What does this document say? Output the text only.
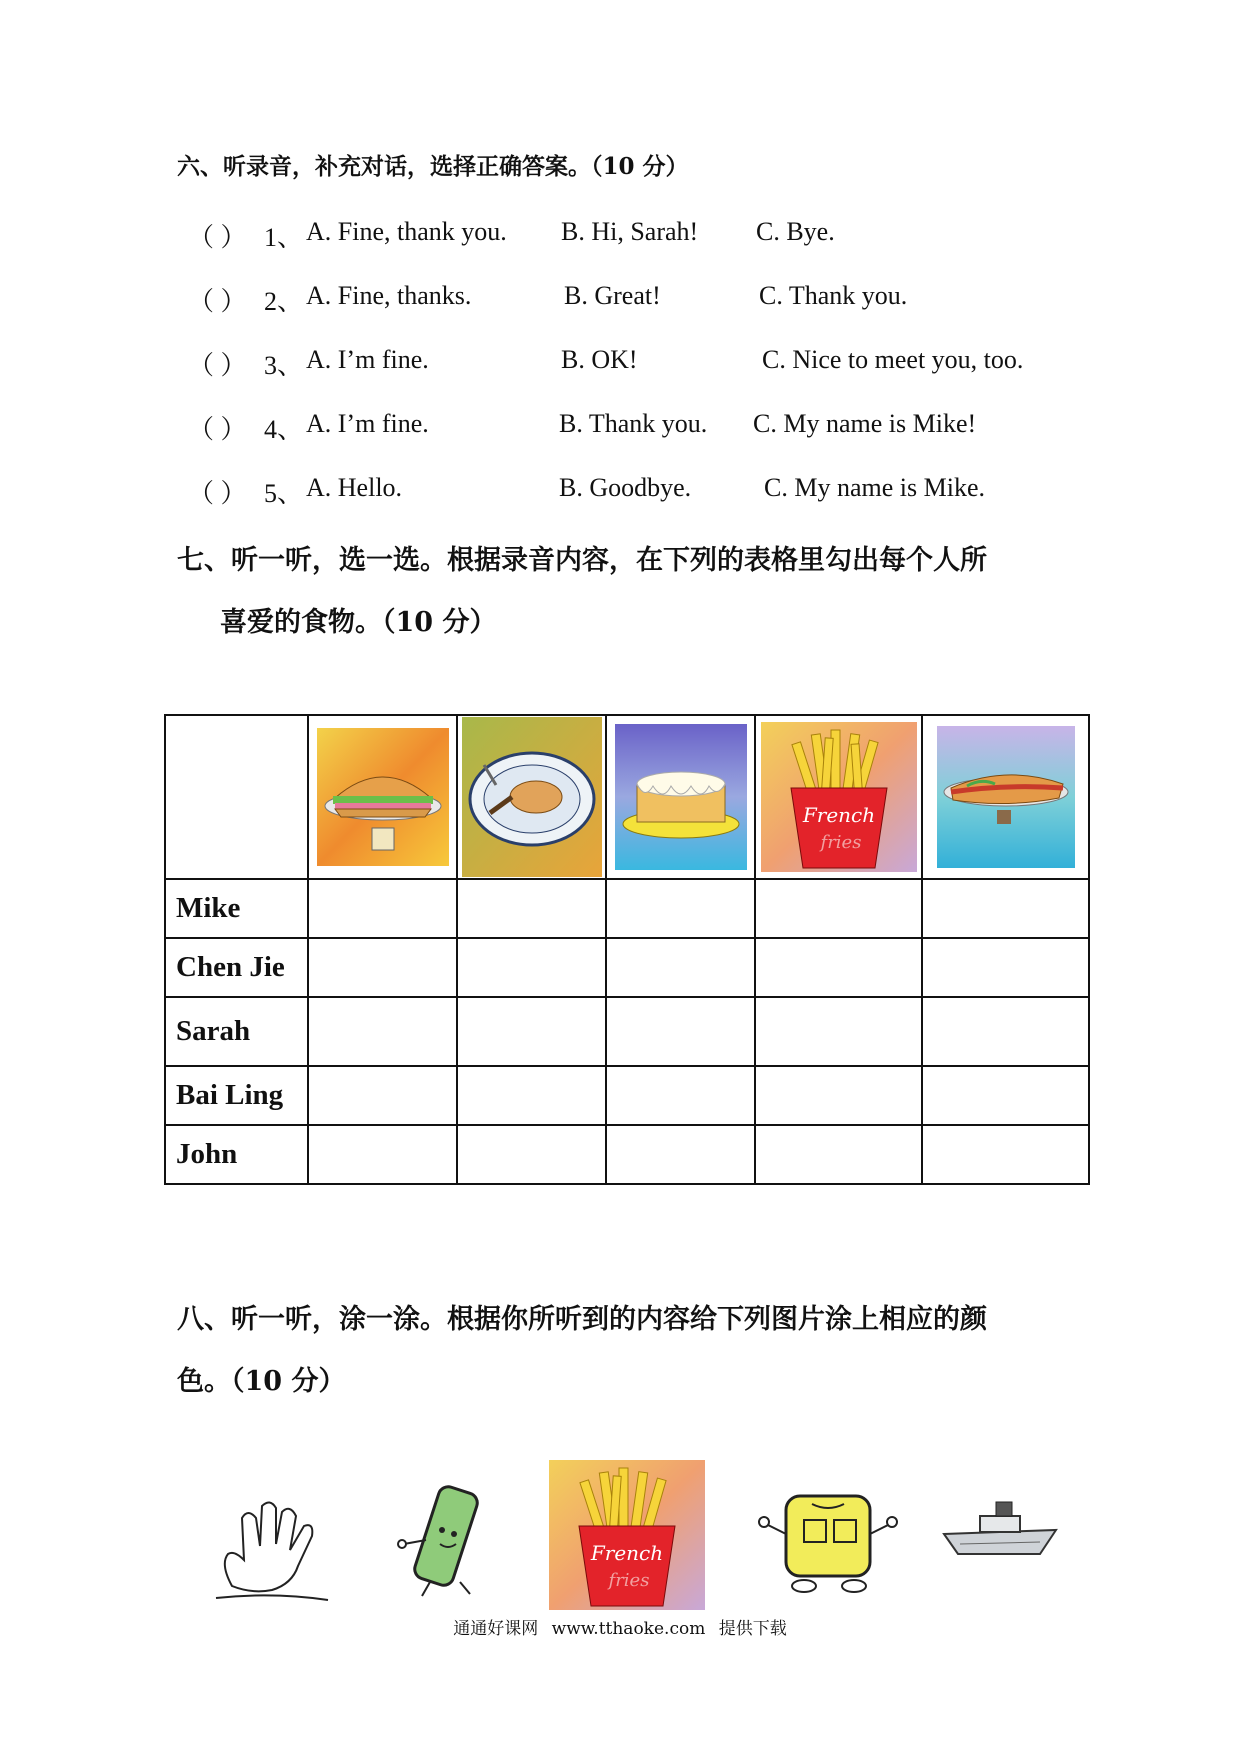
六、听录音，补充对话，选择正确答案。（10 分）
（ ） 1、 A. Fine, thank you. B. Hi, Sarah! C. Bye.
（ ） 2、 A. Fine, thanks.	B. Great!	C. Thank you.
（ ） 3、 A. I’m fine.	B. OK!	C. Nice to meet you, too.
（ ） 4、 A. I’m fine.	B. Thank you. C. My name is Mike!
（ ） 5、 A. Hello.	B. Goodbye.	C. My name is Mike.
七、听一听，选一选。根据录音内容，在下列的表格里勾出每个人所
喜爱的食物。（10 分）

French
fries

Mike					
Chen Jie					
Sarah					
Bai Ling					
John					
八、听一听，涂一涂。根据你所听到的内容给下列图片涂上相应的颜
色。（10 分）
French
fries
通通好课网 www.tthaoke.com 提供下载
